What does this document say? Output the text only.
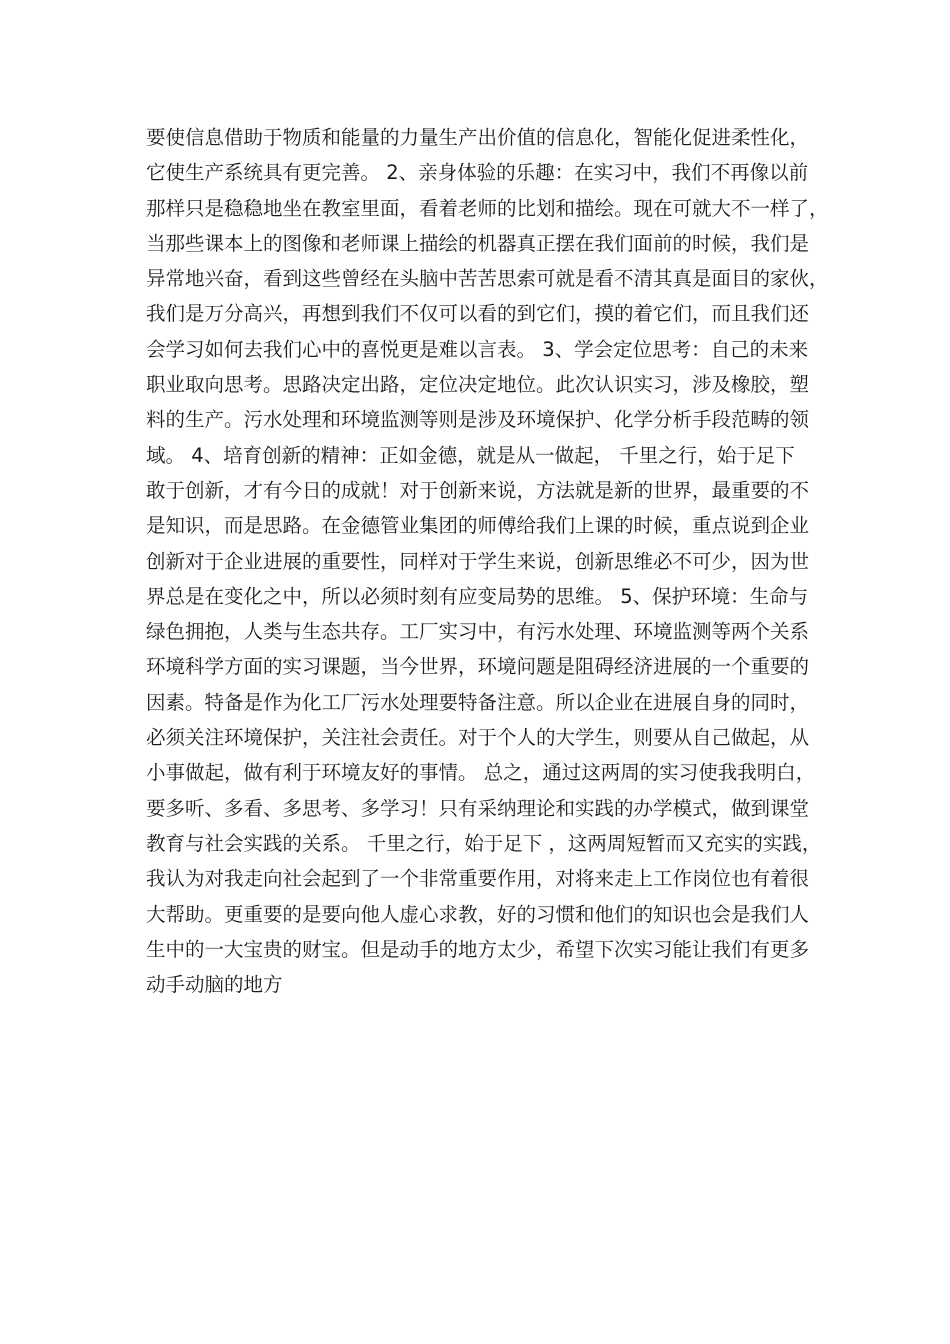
要使信息借助于物质和能量的力量生产出价值的信息化，智能化促进柔性化，
它使生产系统具有更完善。 2、亲身体验的乐趣：在实习中，我们不再像以前
那样只是稳稳地坐在教室里面，看着老师的比划和描绘。现在可就大不一样了，
当那些课本上的图像和老师课上描绘的机器真正摆在我们面前的时候，我们是
异常地兴奋，看到这些曾经在头脑中苦苦思索可就是看不清其真是面目的家伙，
我们是万分高兴，再想到我们不仅可以看的到它们，摸的着它们，而且我们还
会学习如何去我们心中的喜悦更是难以言表。 3、学会定位思考：自己的未来
职业取向思考。思路决定出路，定位决定地位。此次认识实习，涉及橡胶，塑
料的生产。污水处理和环境监测等则是涉及环境保护、化学分析手段范畴的领
域。 4、培育创新的精神：正如金德，就是从一做起， 千里之行，始于足下
敢于创新，才有今日的成就！对于创新来说，方法就是新的世界，最重要的不
是知识，而是思路。在金德管业集团的师傅给我们上课的时候，重点说到企业
创新对于企业进展的重要性，同样对于学生来说，创新思维必不可少，因为世
界总是在变化之中，所以必须时刻有应变局势的思维。 5、保护环境：生命与
绿色拥抱，人类与生态共存。工厂实习中，有污水处理、环境监测等两个关系
环境科学方面的实习课题，当今世界，环境问题是阻碍经济进展的一个重要的
因素。特备是作为化工厂污水处理要特备注意。所以企业在进展自身的同时，
必须关注环境保护，关注社会责任。对于个人的大学生，则要从自己做起，从
小事做起，做有利于环境友好的事情。 总之，通过这两周的实习使我我明白，
要多听、多看、多思考、多学习！只有采纳理论和实践的办学模式，做到课堂
教育与社会实践的关系。 千里之行，始于足下 ，这两周短暂而又充实的实践，
我认为对我走向社会起到了一个非常重要作用，对将来走上工作岗位也有着很
大帮助。更重要的是要向他人虚心求教，好的习惯和他们的知识也会是我们人
生中的一大宝贵的财宝。但是动手的地方太少，希望下次实习能让我们有更多
动手动脑的地方
